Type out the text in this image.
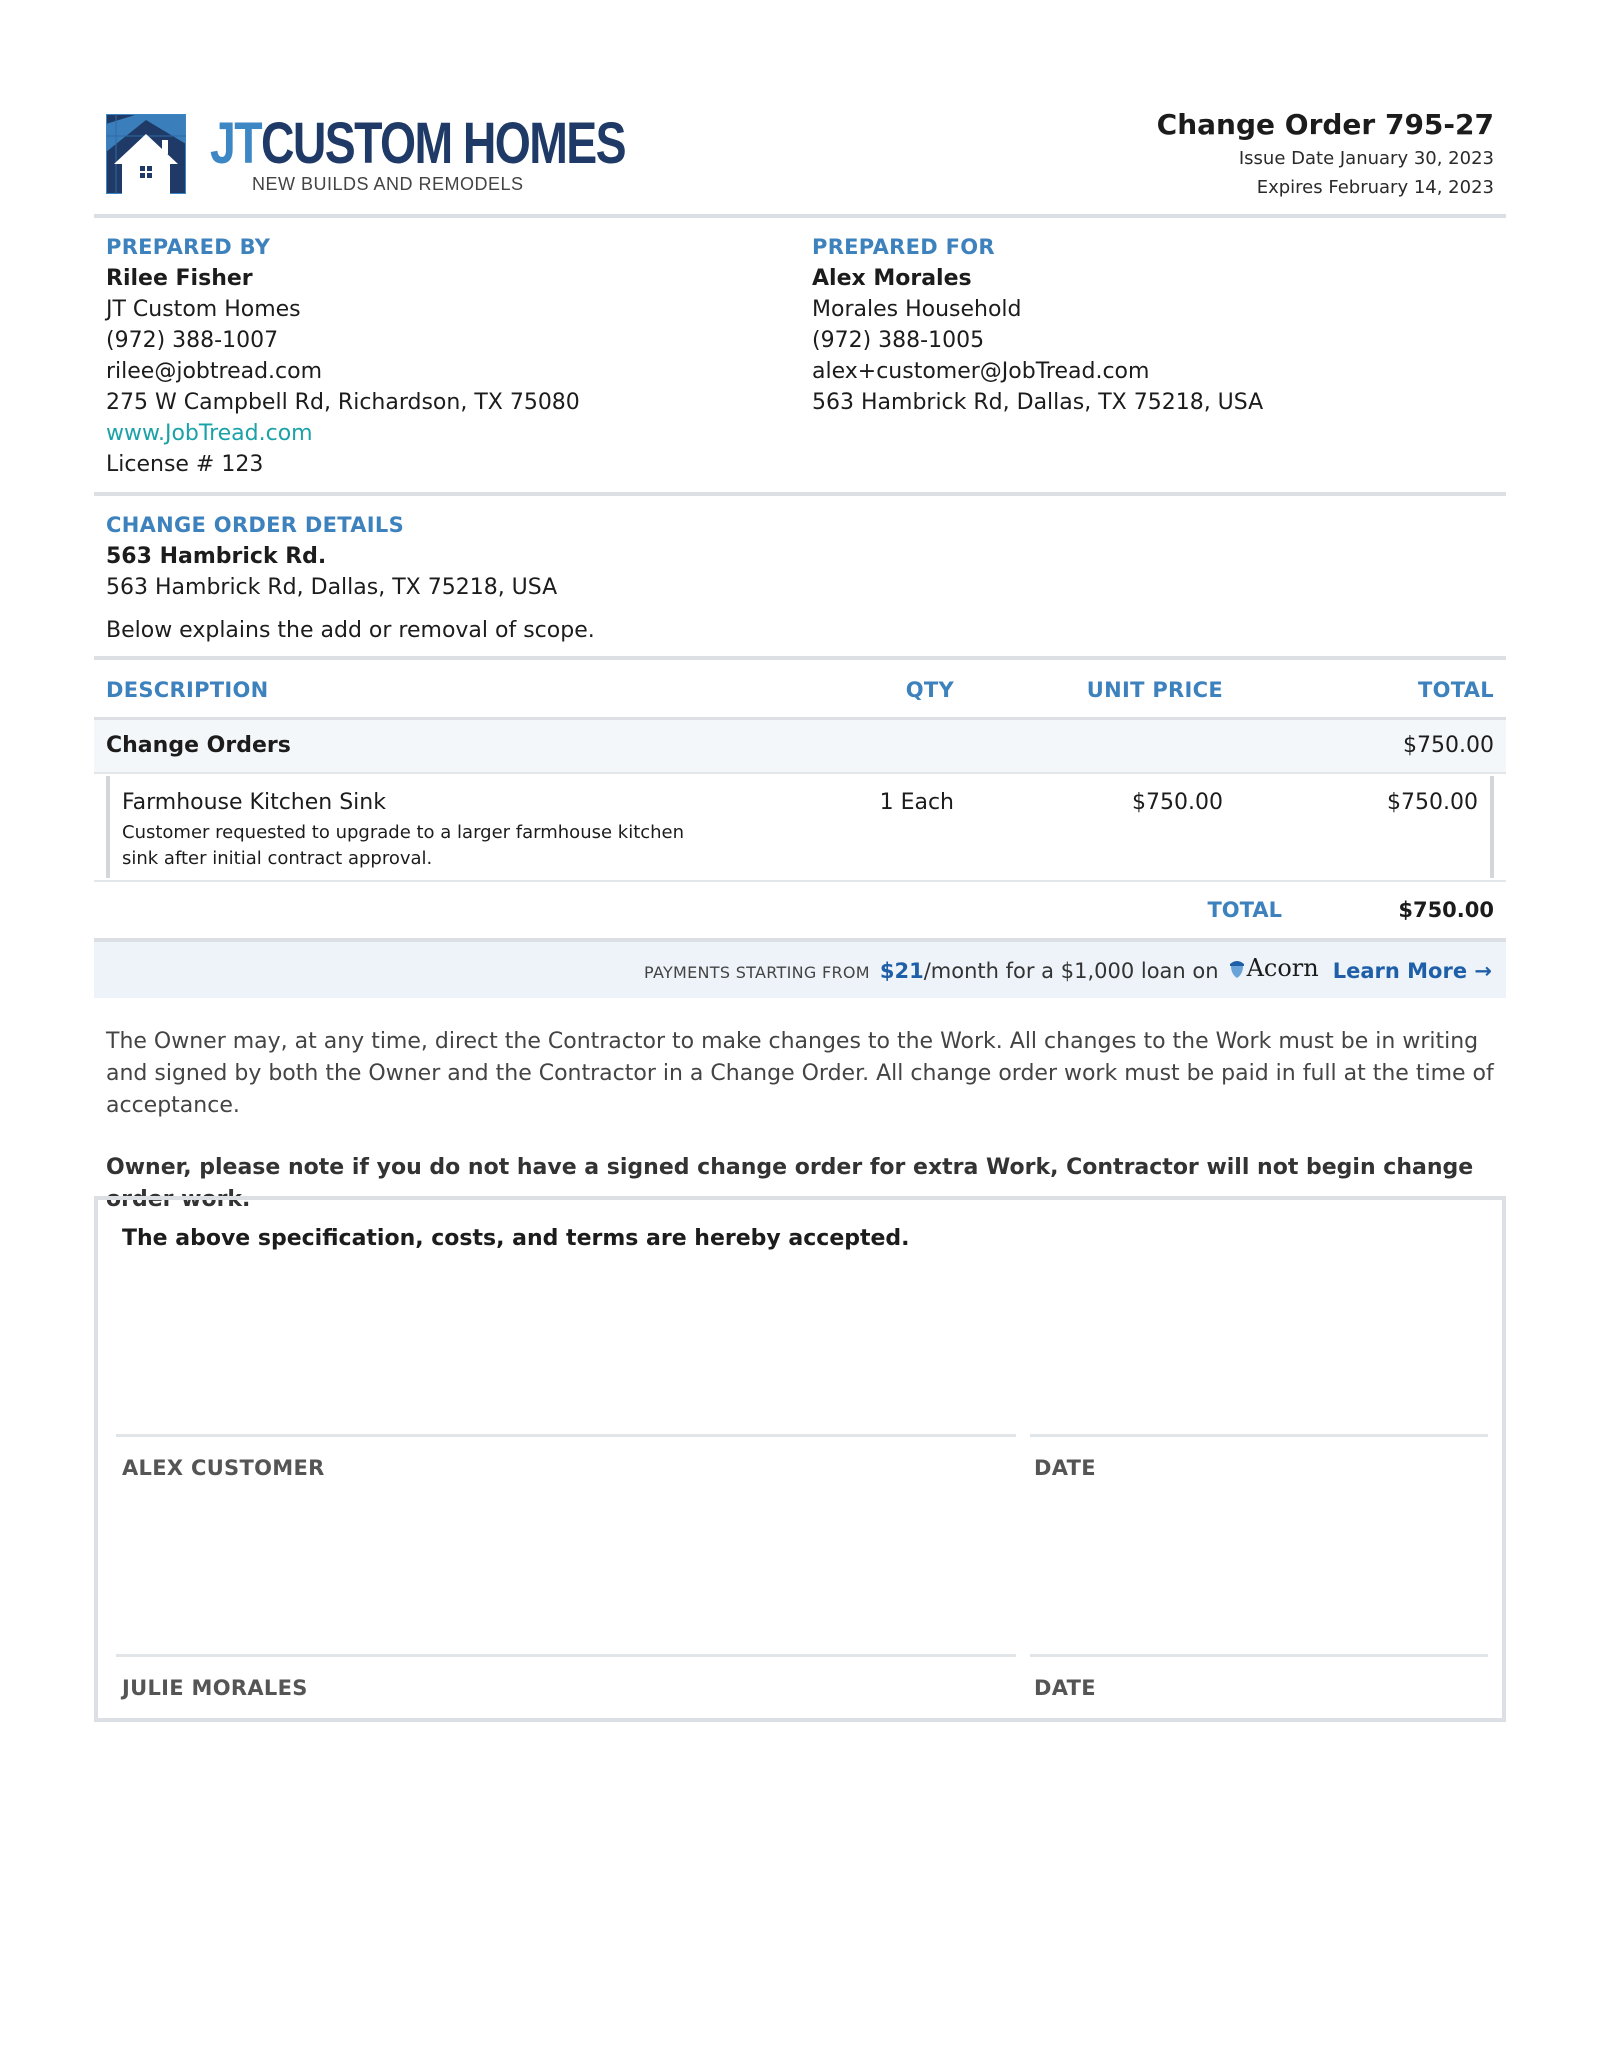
JTCUSTOM HOMES
NEW BUILDS AND REMODELS
Change Order 795-27
Issue Date January 30, 2023
Expires February 14, 2023
PREPARED BY
Rilee Fisher
JT Custom Homes
(972) 388-1007
rilee@jobtread.com
275 W Campbell Rd, Richardson, TX 75080
www.JobTread.com
License # 123
PREPARED FOR
Alex Morales
Morales Household
(972) 388-1005
alex+customer@JobTread.com
563 Hambrick Rd, Dallas, TX 75218, USA
CHANGE ORDER DETAILS
563 Hambrick Rd.
563 Hambrick Rd, Dallas, TX 75218, USA
Below explains the add or removal of scope.
DESCRIPTION	QTY	UNIT PRICE	TOTAL
Change Orders	$750.00
Farmhouse Kitchen Sink
Customer requested to upgrade to a larger farmhouse kitchen sink after initial contract approval.
1 Each	$750.00	$750.00
TOTAL	$750.00
PAYMENTS STARTING FROM $21/month for a $1,000 loan on Acorn Learn More →
The Owner may, at any time, direct the Contractor to make changes to the Work. All changes to the Work must be in writing and signed by both the Owner and the Contractor in a Change Order. All change order work must be paid in full at the time of acceptance.
Owner, please note if you do not have a signed change order for extra Work, Contractor will not begin change order work.
The above specification, costs, and terms are hereby accepted.
ALEX CUSTOMER	DATE
JULIE MORALES	DATE
